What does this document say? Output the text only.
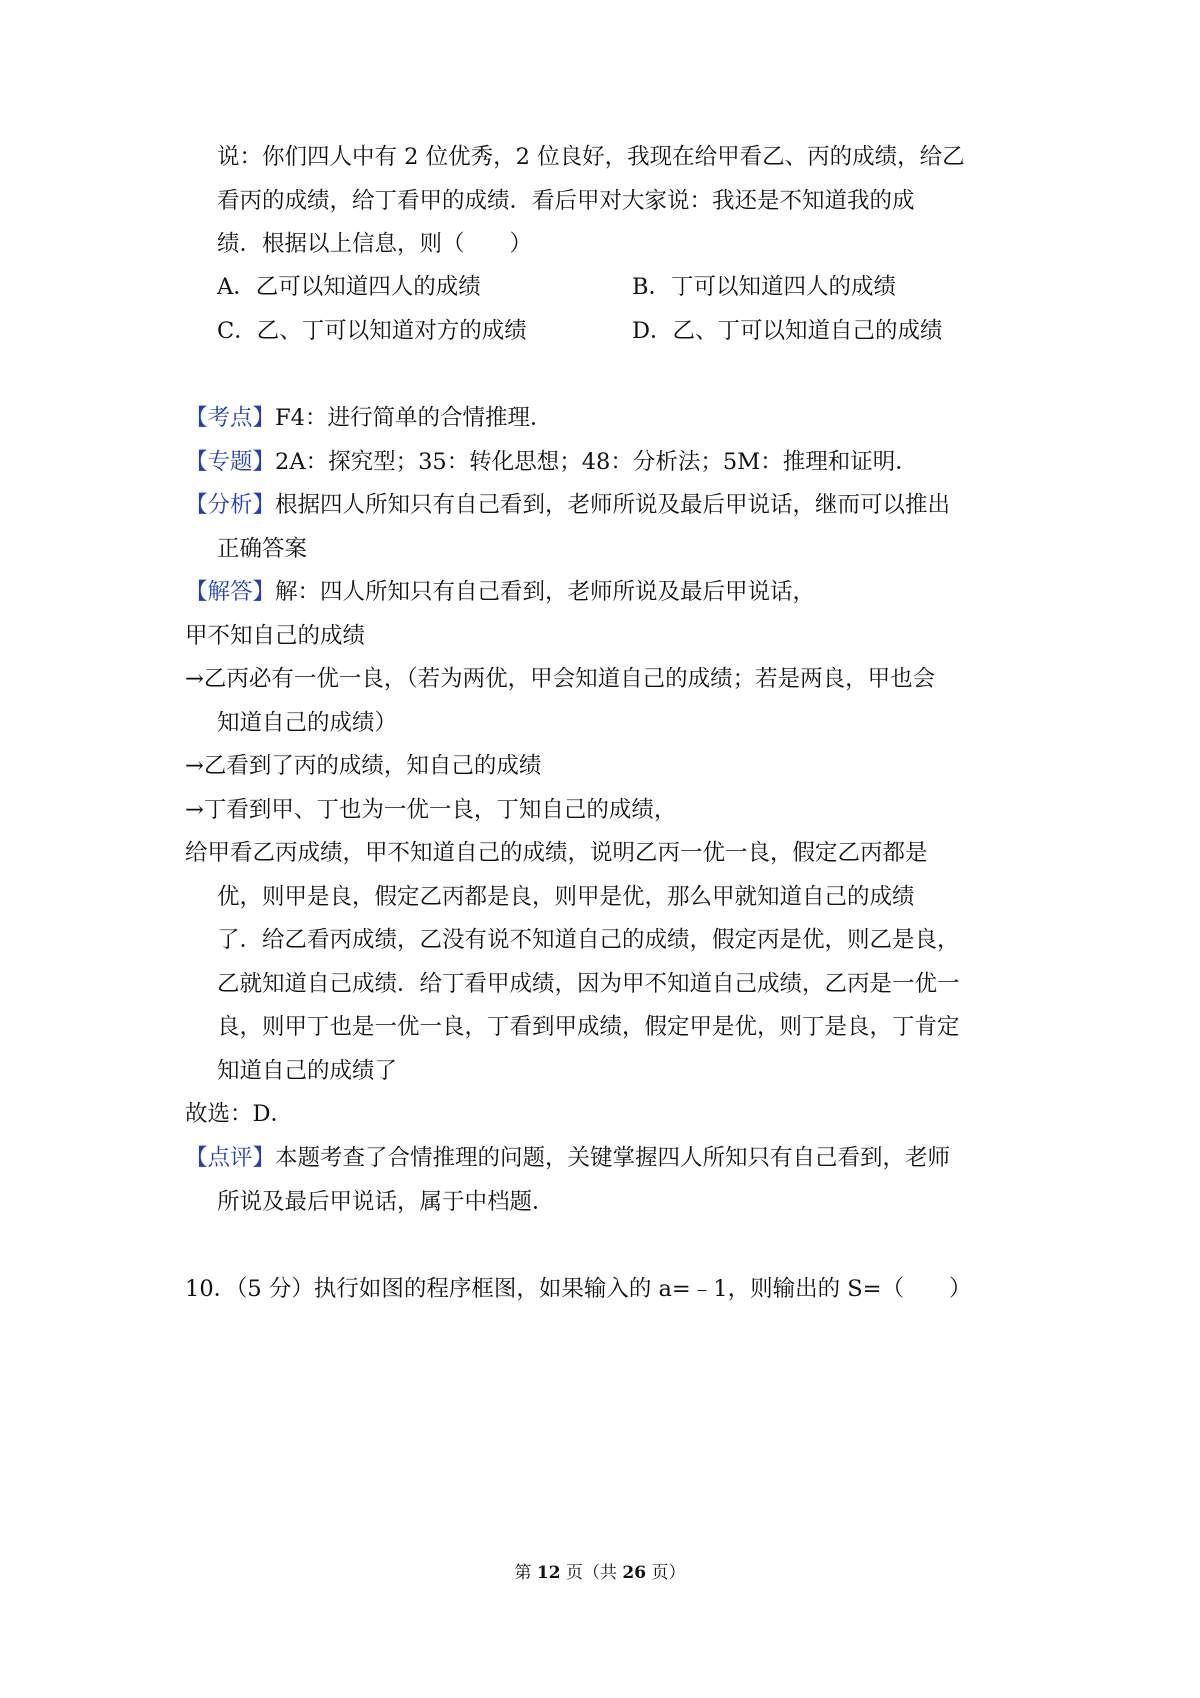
说：你们四人中有 2 位优秀，2 位良好，我现在给甲看乙、丙的成绩，给乙
看丙的成绩，给丁看甲的成绩．看后甲对大家说：我还是不知道我的成
绩．根据以上信息，则（　　）
A．乙可以知道四人的成绩	B．丁可以知道四人的成绩
C．乙、丁可以知道对方的成绩	D．乙、丁可以知道自己的成绩
【考点】F4：进行简单的合情推理．
【专题】2A：探究型；35：转化思想；48：分析法；5M：推理和证明．
【分析】根据四人所知只有自己看到，老师所说及最后甲说话，继而可以推出
正确答案
【解答】解：四人所知只有自己看到，老师所说及最后甲说话，
甲不知自己的成绩
→乙丙必有一优一良，（若为两优，甲会知道自己的成绩；若是两良，甲也会
知道自己的成绩）
→乙看到了丙的成绩，知自己的成绩
→丁看到甲、丁也为一优一良，丁知自己的成绩，
给甲看乙丙成绩，甲不知道自己的成绩，说明乙丙一优一良，假定乙丙都是
优，则甲是良，假定乙丙都是良，则甲是优，那么甲就知道自己的成绩
了．给乙看丙成绩，乙没有说不知道自己的成绩，假定丙是优，则乙是良，
乙就知道自己成绩．给丁看甲成绩，因为甲不知道自己成绩，乙丙是一优一
良，则甲丁也是一优一良，丁看到甲成绩，假定甲是优，则丁是良，丁肯定
知道自己的成绩了
故选：D．
【点评】本题考查了合情推理的问题，关键掌握四人所知只有自己看到，老师
所说及最后甲说话，属于中档题．
10．（5 分）执行如图的程序框图，如果输入的 a=﹣1，则输出的 S=（　　）
第 12 页（共 26 页）
